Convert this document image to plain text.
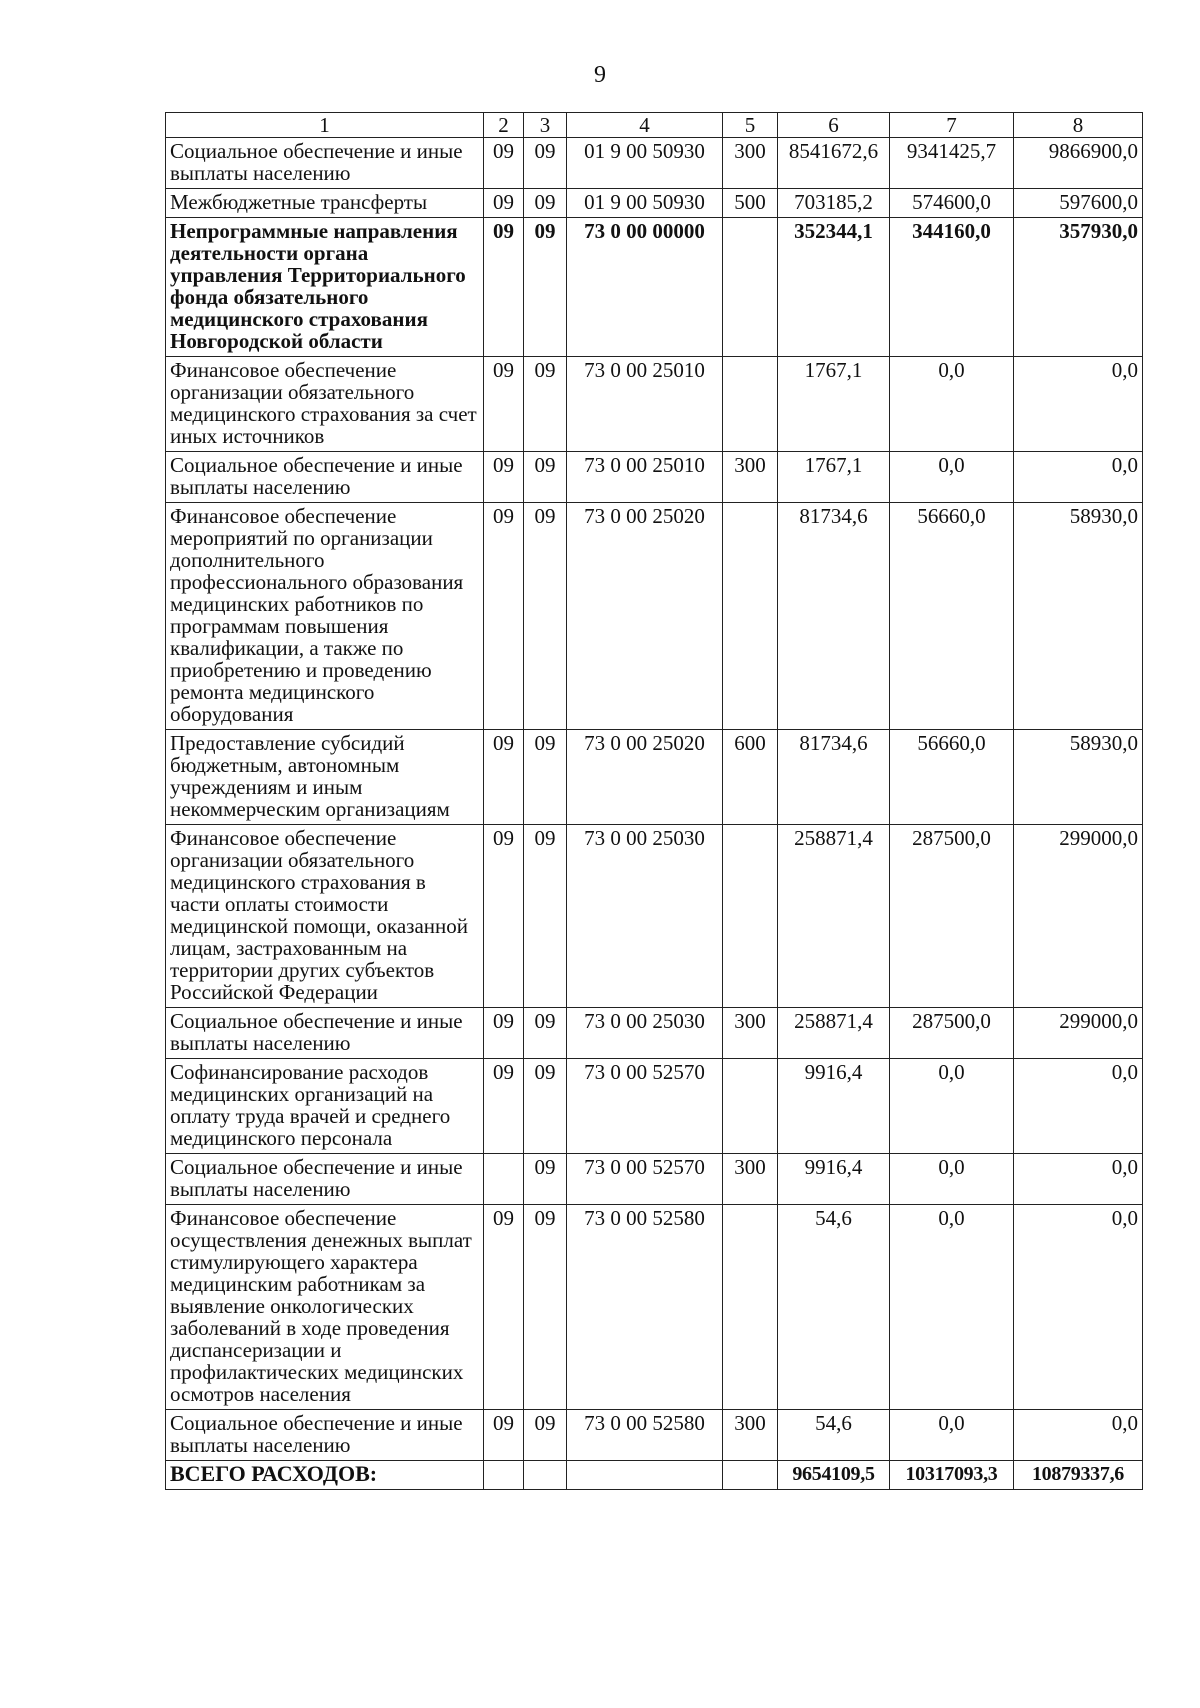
9
1	2	3	4	5	6	7	8
Социальное обеспечение и иные выплаты населению	09	09	01 9 00 50930	300	8541672,6	9341425,7	9866900,0
Межбюджетные трансферты	09	09	01 9 00 50930	500	703185,2	574600,0	597600,0
Непрограммные направления деятельности органа управления Территориального фонда обязательного медицинского страхования Новгородской области	09	09	73 0 00 00000		352344,1	344160,0	357930,0
Финансовое обеспечение организации обязательного медицинского страхования за счет иных источников	09	09	73 0 00 25010		1767,1	0,0	0,0
Социальное обеспечение и иные выплаты населению	09	09	73 0 00 25010	300	1767,1	0,0	0,0
Финансовое обеспечение мероприятий по организации дополнительного профессионального образования медицинских работников по программам повышения квалификации, а также по приобретению и проведению ремонта медицинского оборудования	09	09	73 0 00 25020		81734,6	56660,0	58930,0
Предоставление субсидий бюджетным, автономным учреждениям и иным некоммерческим организациям	09	09	73 0 00 25020	600	81734,6	56660,0	58930,0
Финансовое обеспечение организации обязательного медицинского страхования в части оплаты стоимости медицинской помощи, оказанной лицам, застрахованным на территории других субъектов Российской Федерации	09	09	73 0 00 25030		258871,4	287500,0	299000,0
Социальное обеспечение и иные выплаты населению	09	09	73 0 00 25030	300	258871,4	287500,0	299000,0
Софинансирование расходов медицинских организаций на оплату труда врачей и среднего медицинского персонала	09	09	73 0 00 52570		9916,4	0,0	0,0
Социальное обеспечение и иные выплаты населению		09	73 0 00 52570	300	9916,4	0,0	0,0
Финансовое обеспечение осуществления денежных выплат стимулирующего характера медицинским работникам за выявление онкологических заболеваний в ходе проведения диспансеризации и профилактических медицинских осмотров населения	09	09	73 0 00 52580		54,6	0,0	0,0
Социальное обеспечение и иные выплаты населению	09	09	73 0 00 52580	300	54,6	0,0	0,0
ВСЕГО РАСХОДОВ:					9654109,5	10317093,3	10879337,6
